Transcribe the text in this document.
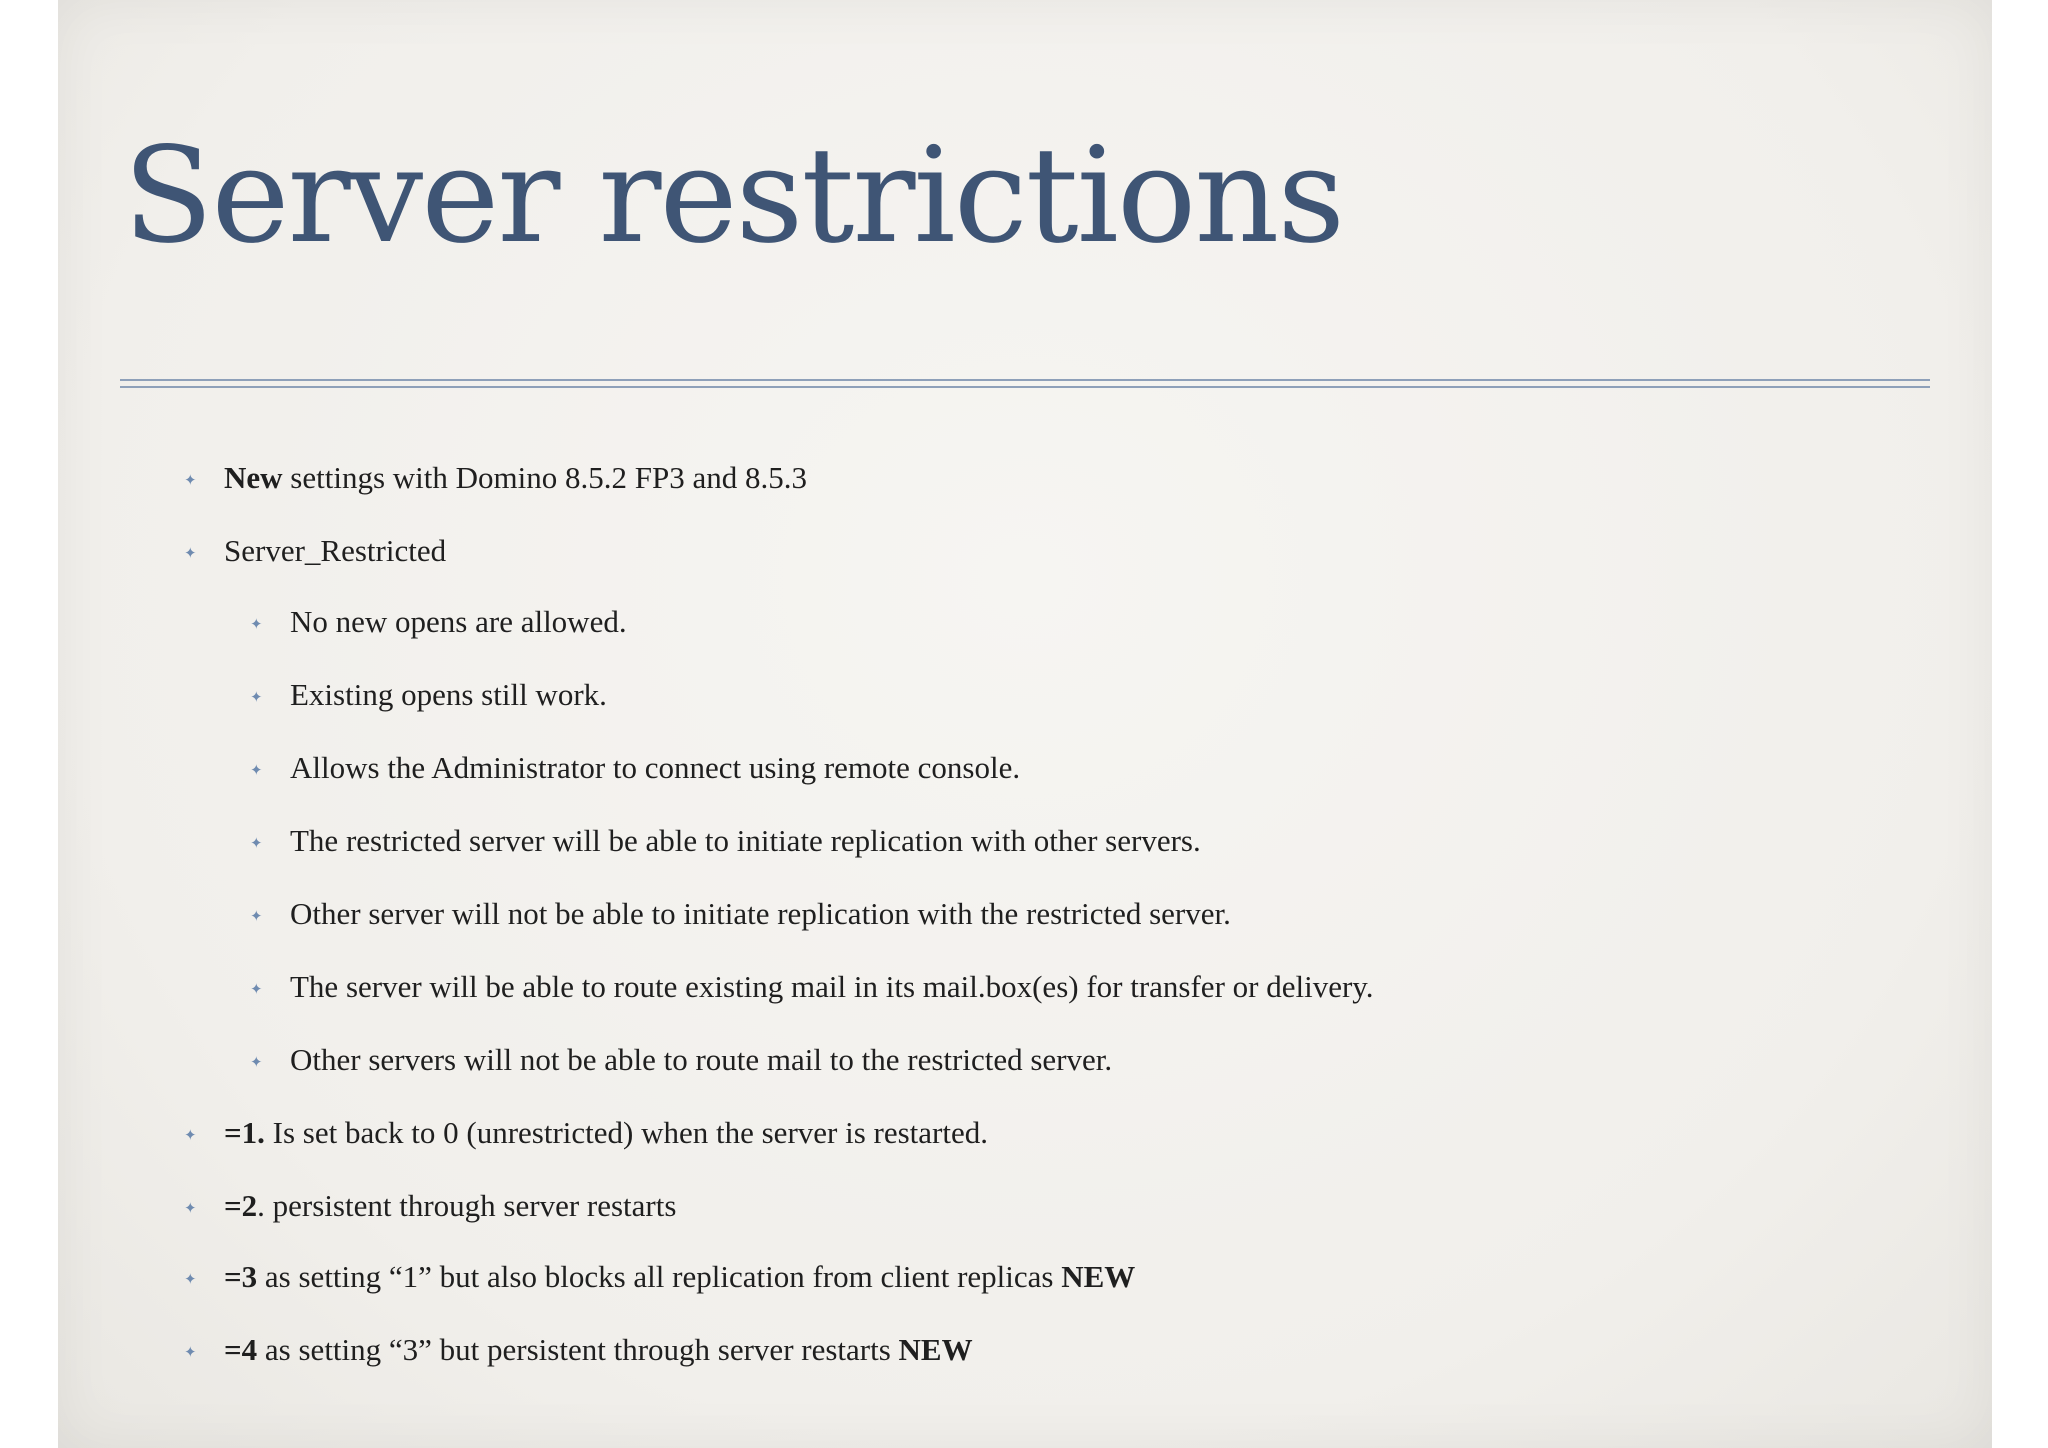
Server restrictions
✦ New settings with Domino 8.5.2 FP3 and 8.5.3
✦ Server_Restricted
✦ No new opens are allowed.
✦ Existing opens still work.
✦ Allows the Administrator to connect using remote console.
✦ The restricted server will be able to initiate replication with other servers.
✦ Other server will not be able to initiate replication with the restricted server.
✦ The server will be able to route existing mail in its mail.box(es) for transfer or delivery.
✦ Other servers will not be able to route mail to the restricted server.
✦ =1. Is set back to 0 (unrestricted) when the server is restarted.
✦ =2. persistent through server restarts
✦ =3 as setting “1” but also blocks all replication from client replicas NEW
✦ =4 as setting “3” but persistent through server restarts NEW
